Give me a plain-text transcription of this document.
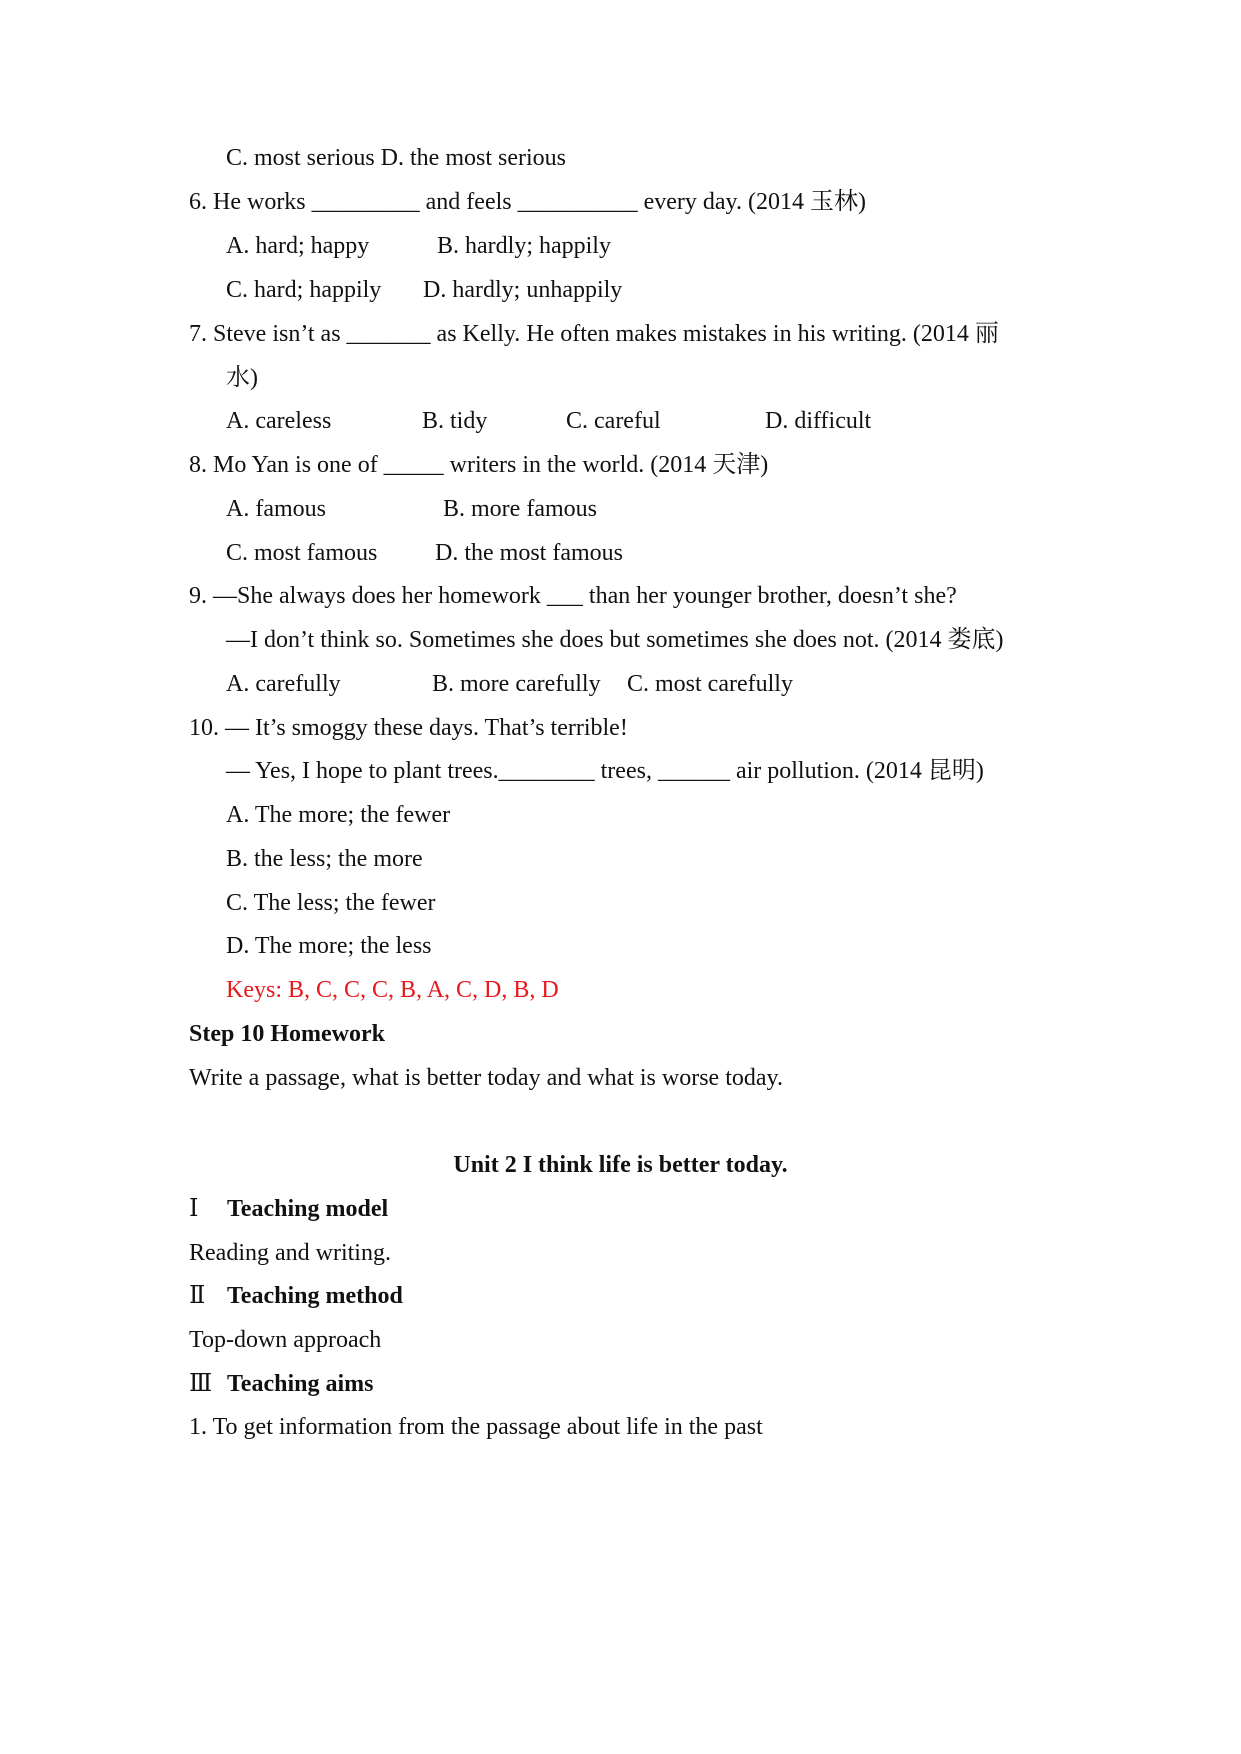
C. most serious D. the most serious

6. He works _________ and feels __________ every day. (2014 玉林)

A. hard; happy	B. hardly; happily

C. hard; happily D. hardly; unhappily

7. Steve isn’t as _______ as Kelly. He often makes mistakes in his writing. (2014 丽

水)

A. careless	B. tidy	C. careful	D. difficult

8. Mo Yan is one of _____ writers in the world. (2014 天津)

A. famous	B. more famous

C. most famous D. the most famous

9. —She always does her homework ___ than her younger brother, doesn’t she?

—I don’t think so. Sometimes she does but sometimes she does not. (2014 娄底)

A. carefully	B. more carefully C. most carefully

10. — It’s smoggy these days. That’s terrible!

— Yes, I hope to plant trees.________ trees, ______ air pollution. (2014 昆明)

A. The more; the fewer

B. the less; the more

C. The less; the fewer

D. The more; the less

Keys: B, C, C, C, B, A, C, D, B, D

Step 10 Homework

Write a passage, what is better today and what is worse today.

Unit 2 I think life is better today.

Ⅰ Teaching model

Reading and writing.

Ⅱ Teaching method

Top-down approach

Ⅲ Teaching aims

1. To get information from the passage about life in the past
